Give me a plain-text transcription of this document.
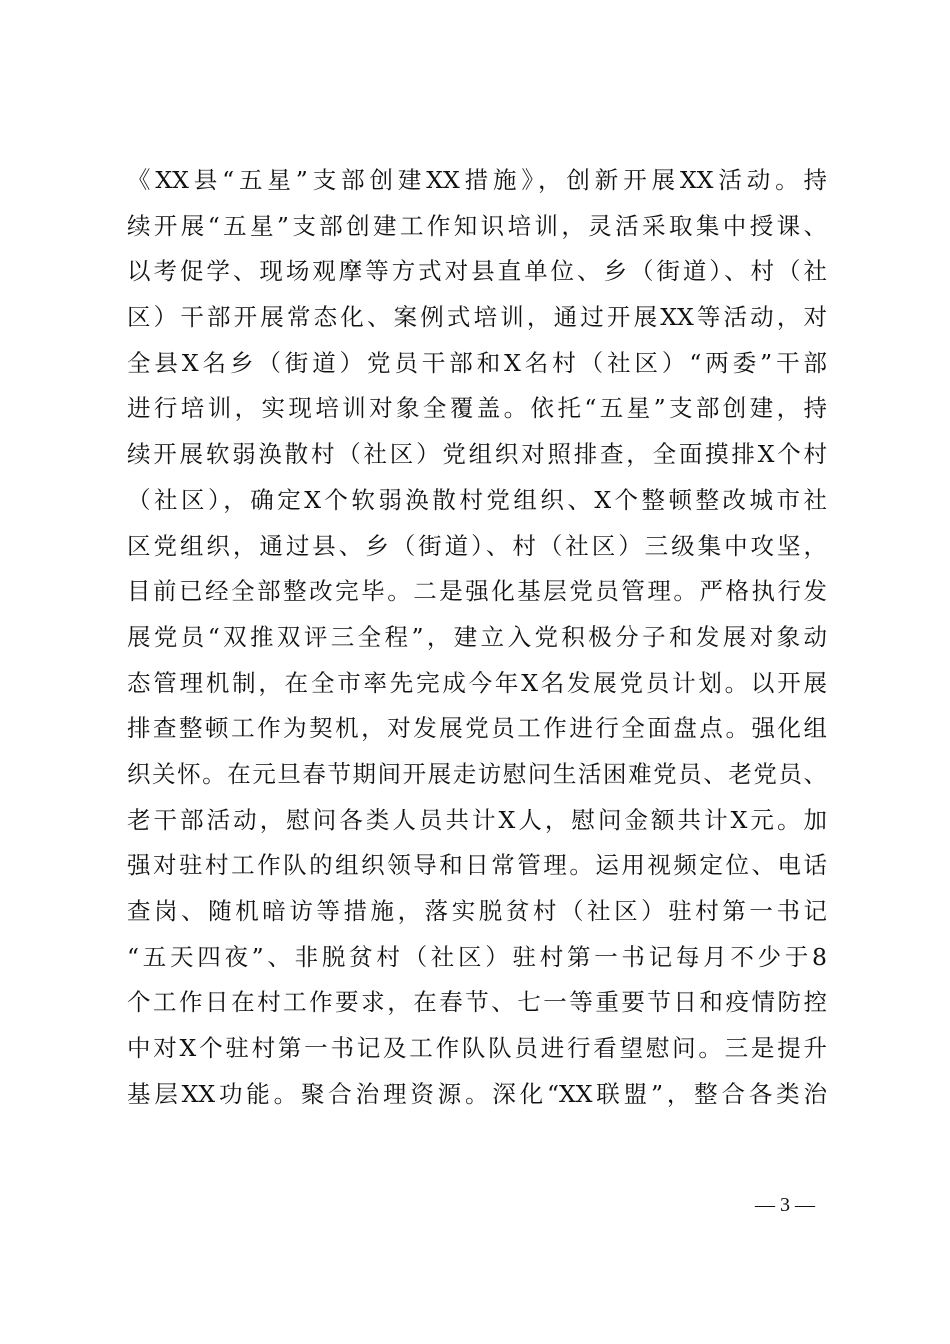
《XX县“五星”支部创建XX措施》，创新开展XX活动。持
续开展“五星”支部创建工作知识培训，灵活采取集中授课、
以考促学、现场观摩等方式对县直单位、乡（街道）、村（社
区）干部开展常态化、案例式培训，通过开展XX等活动，对
全县X名乡（街道）党员干部和X名村（社区）“两委”干部
进行培训，实现培训对象全覆盖。依托“五星”支部创建，持
续开展软弱涣散村（社区）党组织对照排查，全面摸排X个村
（社区），确定X个软弱涣散村党组织、X个整顿整改城市社
区党组织，通过县、乡（街道）、村（社区）三级集中攻坚，
目前已经全部整改完毕。二是强化基层党员管理。严格执行发
展党员“双推双评三全程”，建立入党积极分子和发展对象动
态管理机制，在全市率先完成今年X名发展党员计划。以开展
排查整顿工作为契机，对发展党员工作进行全面盘点。强化组
织关怀。在元旦春节期间开展走访慰问生活困难党员、老党员、
老干部活动，慰问各类人员共计X人，慰问金额共计X元。加
强对驻村工作队的组织领导和日常管理。运用视频定位、电话
查岗、随机暗访等措施，落实脱贫村（社区）驻村第一书记
“五天四夜”、非脱贫村（社区）驻村第一书记每月不少于8
个工作日在村工作要求，在春节、七一等重要节日和疫情防控
中对X个驻村第一书记及工作队队员进行看望慰问。三是提升
基层XX功能。聚合治理资源。深化“XX联盟”，整合各类治
— 3 —
